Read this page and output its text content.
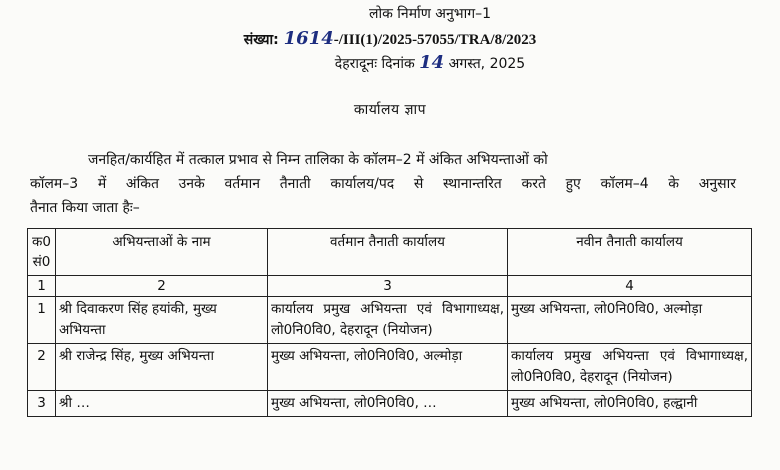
लोक निर्माण अनुभाग–1
संख्या: 1614-/III(1)/2025-57055/TRA/8/2023
देहरादूनः दिनांक 14 अगस्त, 2025
कार्यालय ज्ञाप
जनहित/कार्यहित में तत्काल प्रभाव से निम्न तालिका के कॉलम–2 में अंकित अभियन्ताओं को
कॉलम–3 में अंकित उनके वर्तमान तैनाती कार्यालय/पद से स्थानान्तरित करते हुए कॉलम–4 के अनुसार
तैनात किया जाता हैः–
क0 सं0	अभियन्ताओं के नाम	वर्तमान तैनाती कार्यालय	नवीन तैनाती कार्यालय
1	2	3	4
1	श्री दिवाकरण सिंह हयांकी, मुख्य अभियन्ता	कार्यालय प्रमुख अभियन्ता एवं विभागाध्यक्ष, लो0नि0वि0, देहरादून (नियोजन)	मुख्य अभियन्ता, लो0नि0वि0, अल्मोड़ा
2	श्री राजेन्द्र सिंह, मुख्य अभियन्ता	मुख्य अभियन्ता, लो0नि0वि0, अल्मोड़ा	कार्यालय प्रमुख अभियन्ता एवं विभागाध्यक्ष, लो0नि0वि0, देहरादून (नियोजन)
3	श्री …	मुख्य अभियन्ता, लो0नि0वि0, …	मुख्य अभियन्ता, लो0नि0वि0, हल्द्वानी
